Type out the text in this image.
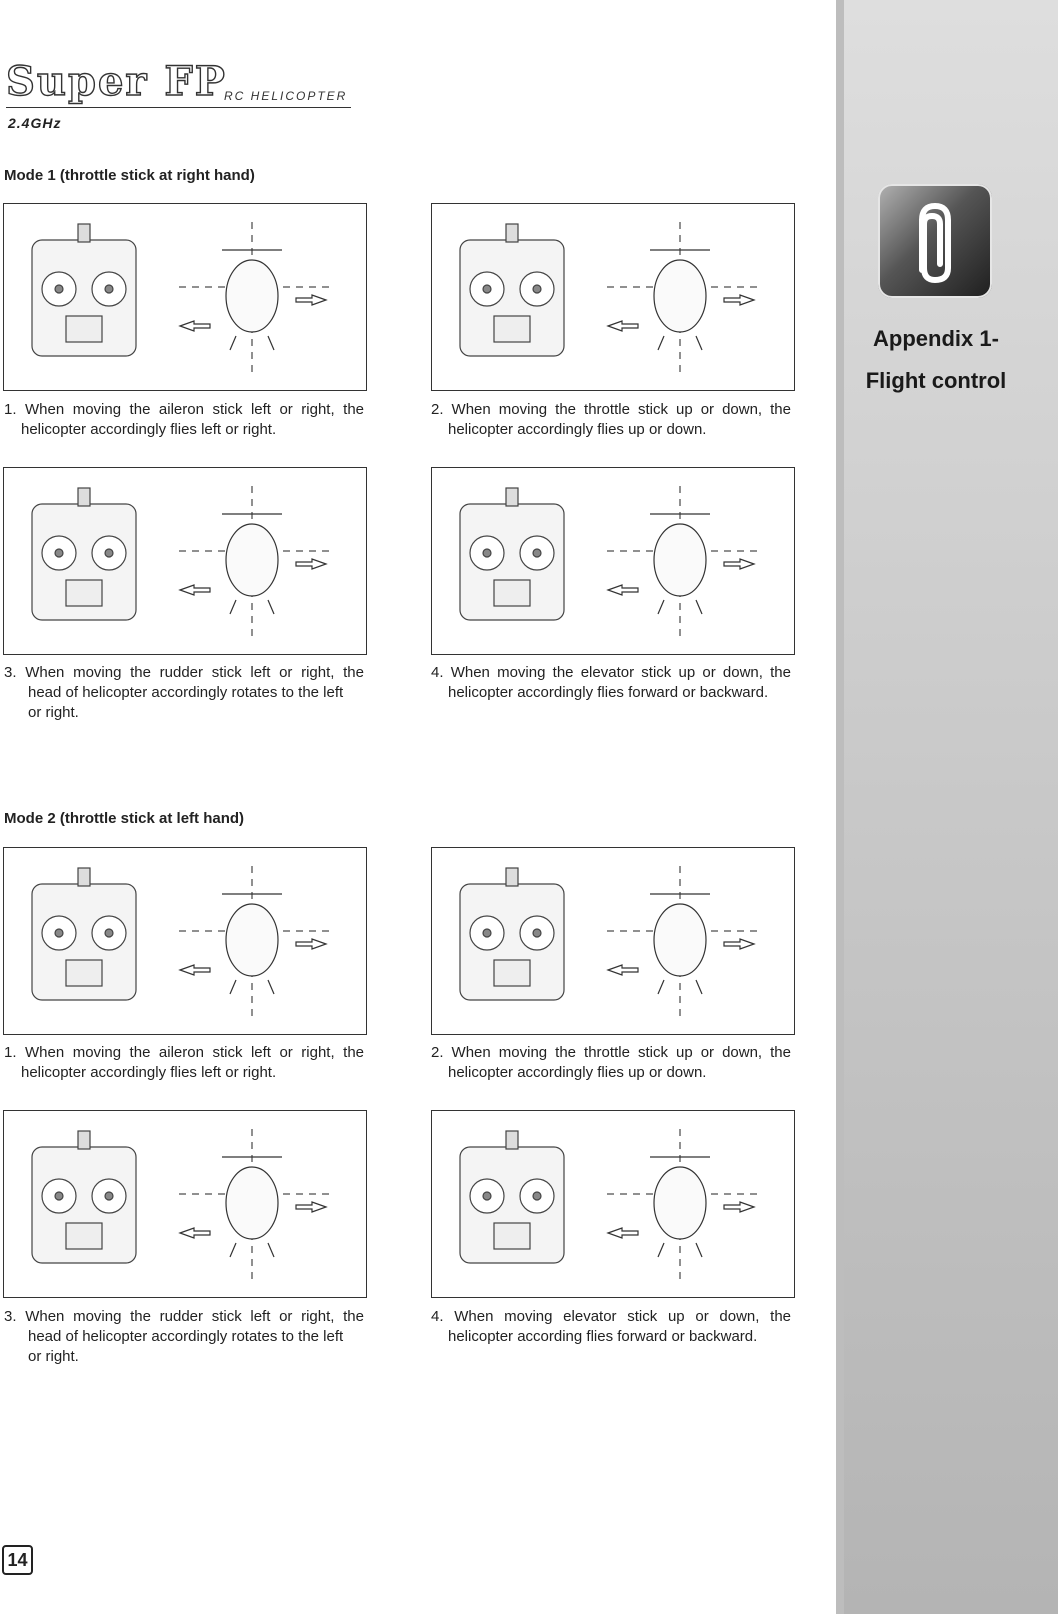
Super FP
RC HELICOPTER
2.4GHz
Mode 1 (throttle stick at right hand)
1. When moving the aileron stick left or right, the
helicopter accordingly flies left or right.
2. When moving the throttle stick up or down, the
helicopter accordingly flies up or down.
3. When moving the rudder stick left or right, the
head of helicopter accordingly rotates to the left
or right.
4. When moving the elevator stick up or down, the
helicopter accordingly flies forward or backward.
Mode 2 (throttle stick at left hand)
1. When moving the aileron stick left or right, the
helicopter accordingly flies left or right.
2. When moving the throttle stick up or down, the
helicopter accordingly flies up or down.
3. When moving the rudder stick left or right, the
head of helicopter accordingly rotates to the left
or right.
4. When moving elevator stick up or down, the
helicopter according flies forward or backward.
14
Appendix 1-
Flight control
